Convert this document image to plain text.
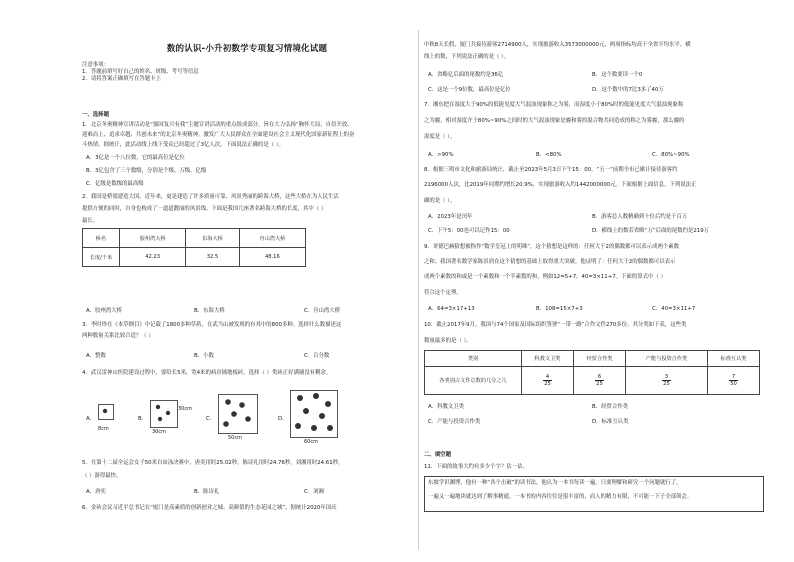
数的认识-小升初数学专项复习情境化试题
注意事项：
1．答题前填写好自己的姓名、班级、考号等信息
2．请将答案正确填写在答题卡上
一、选择题
1．北京冬奥精神宣讲活动是“强国复兴有我”主题宣讲活动的重点组成部分，旨在大力弘扬“胸怀大局、自信开放、
迎难而上、追求卓越、共创未来”的北京冬奥精神，激发广大人民群众在全面建设社会主义现代化国家新征程上的奋
斗热情。据统计，此活动线上线下受众已经超过了3亿人次。下面说法正确的是（ ）。
A．3亿是一个八位数，它的最高位是亿位
B．3亿包含了三个数级，分别是个级、万级、亿级
C．亿级是数级的最高级
2．我国是桥梁建造大国。近年来，更是建造了许多质量可靠、风景秀丽的跨海大桥，这些大桥在为人民生活
提供方便的同时，自身也构成了一道道靓丽的风景线。下面是我国几座著名跨海大桥的长度，其中（ ）
最长。
桥名	胶州湾大桥	东海大桥	舟山湾大桥
长度/千米	42.23	32.5	48.16
A．胶州湾大桥	B．东海大桥	C．舟山湾大桥
3．李时珍在《本草纲目》中记载了1800多种草药，在武当山被发现的有其中的800多种。选择什么数描述这
两种数量关系比较合适？（ ）
A．整数	B．小数	C．百分数
4．武汉雷神山医院建设过程中，要给长5米，宽4米的病房铺地板砖，选择（ ）类砖正好满铺没有剩余。
A．
8cm
B．
30cm
30cm
C．
50cm
D．
60cm
5．在第十二届全运会女子50米自由泳决赛中，唐奕用时25.02秒，陈诗礼用时24.76秒，刘湘用时24.61秒，
（ ）游得最快。
A．唐奕	B．陈诗礼	C．刘湘
6．金砖会议习近平总书记在“厦门是高素质的创新创业之城、高颜值的生态花园之城”。据统计2020年国庆
中秋8天长假，厦门共接待游客2714900人，实现旅游收入3573000000元，两项指标均高于全省平均水平。横
线上的数，下列说法正确的是（ ）。
A．省略亿后面的尾数约是36亿	B．这个数要读一个0
C．这是一个9位数，最高位是亿位	D．这个数中的7比3多了40万
7．湘东把在湿度大于90%的低能见度大气混浊现象称之为雾，而湿度小于80%时的低能见度大气混浊现象称
之为霾，相对湿度介于80%~90%之间时的大气混浊现象是霾和雾的混合物共同造成的称之为雾霾，那么霾的
湿度是（ ）。
A．>90%	B．<80%	C．80%~90%
8．根据三明市文化和旅游局统计，截止至2023年5月3日下午15：00，“五一”前期全市已累计接待游客约
2196000人次，比2019年同期约增长20.9%，实现旅游收入约1442000000元。下面根据上面信息，下列说法正
确的是（ ）。
A．2023年是闰年	B．游客总人数精确到十位后约是千百万
C．下午5：00也可以记作15：00	D．横线上的数若省略“万”后面的尾数约是219万
9．哥德巴赫猜想被称作“数学皇冠上的明珠”。这个猜想是这样的：任何大于2的偶数都可以表示成两个素数
之和。我国著名数学家陈景润在这个猜想的基础上取得重大突破。他证明了：任何大于2的偶数都可以表示
成两个素数的和或是一个素数和一个半素数的和，例如12=5+7，40=3×11+7。下面的算式中（ ）
符合这个定理。
A．64=3×17+13	B．108=15×7+3	C．40=3×11+7
10．截止2017年9月，我国与74个国家及国际组织签署“一带一路”合作文件270多份，其分类如下表，这些类
数量最多的是（ ）。
类别	科教文卫类	经贸合作类	产能与投资合作类	标准互认类
各类别占文件总数的几分之几	$\frac{4}{25}$	$\frac{6}{25}$	$\frac{3}{25}$	$\frac{7}{50}$
A．科教文卫类	B．经贸合作类
C．产能与投资合作类	D．标准互认类
二、填空题
11．下面的故事大约有多少个字？估一估。
东坡学识渊博，他有一种“各个击破”的读书法，他认为一本书每读一遍，只要理解和研究一个问题就行了，
一遍又一遍地读就达到了解事精通。一本书的内容往往是很丰富的，而人的精力有限，不可能一下子全部领会。
